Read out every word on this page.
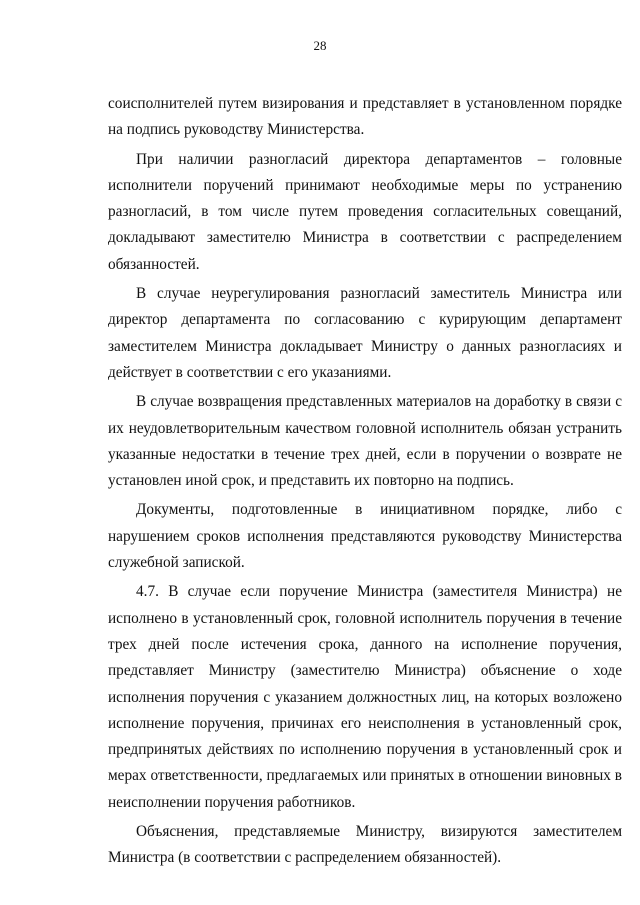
28

соисполнителей путем визирования и представляет в установленном порядке на подпись руководству Министерства.

При наличии разногласий директора департаментов – головные исполнители поручений принимают необходимые меры по устранению разногласий, в том числе путем проведения согласительных совещаний, докладывают заместителю Министра в соответствии с распределением обязанностей.

В случае неурегулирования разногласий заместитель Министра или директор департамента по согласованию с курирующим департамент заместителем Министра докладывает Министру о данных разногласиях и действует в соответствии с его указаниями.

В случае возвращения представленных материалов на доработку в связи с их неудовлетворительным качеством головной исполнитель обязан устранить указанные недостатки в течение трех дней, если в поручении о возврате не установлен иной срок, и представить их повторно на подпись.

Документы, подготовленные в инициативном порядке, либо с нарушением сроков исполнения представляются руководству Министерства служебной запиской.

4.7. В случае если поручение Министра (заместителя Министра) не исполнено в установленный срок, головной исполнитель поручения в течение трех дней после истечения срока, данного на исполнение поручения, представляет Министру (заместителю Министра) объяснение о ходе исполнения поручения с указанием должностных лиц, на которых возложено исполнение поручения, причинах его неисполнения в установленный срок, предпринятых действиях по исполнению поручения в установленный срок и мерах ответственности, предлагаемых или принятых в отношении виновных в неисполнении поручения работников.

Объяснения, представляемые Министру, визируются заместителем Министра (в соответствии с распределением обязанностей).
